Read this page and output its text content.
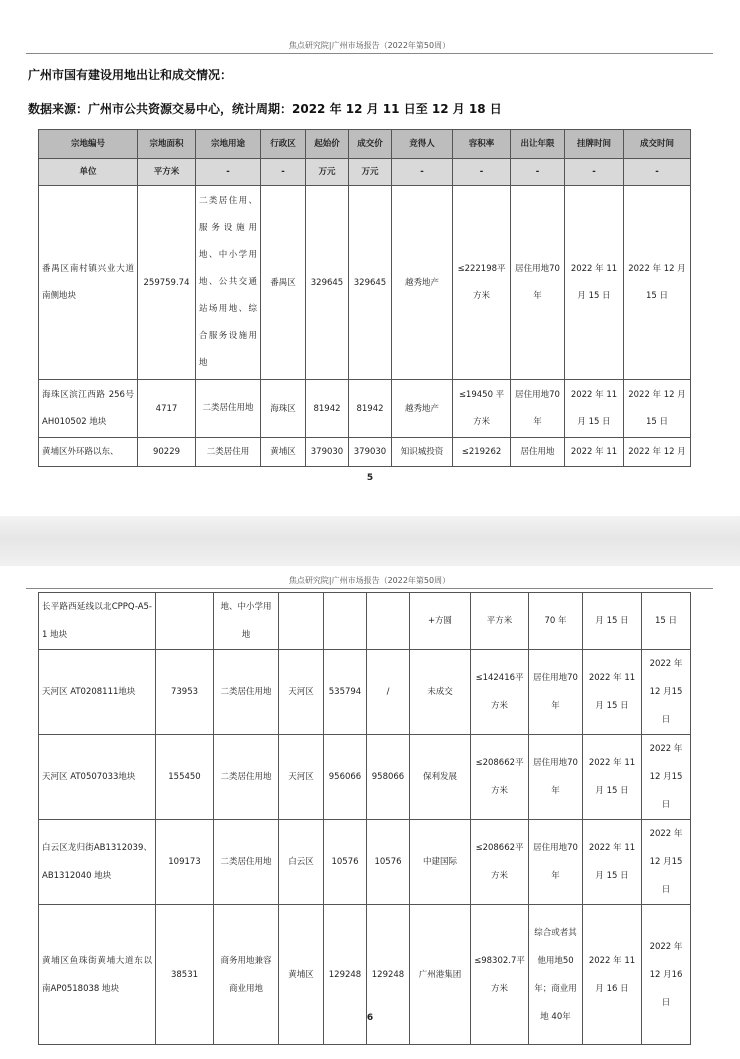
焦点研究院|广州市场报告（2022年第50周）
广州市国有建设用地出让和成交情况：
数据来源：广州市公共资源交易中心，统计周期：2022 年 12 月 11 日至 12 月 18 日
宗地编号	宗地面积	宗地用途	行政区	起始价	成交价	竞得人	容积率	出让年限	挂牌时间	成交时间
单位	平方米	-	-	万元	万元	-	-	-	-	-
番禺区南村镇兴业大道南侧地块	259759.74	二类居住用、服务设施用地、中小学用地、公共交通站场用地、综合服务设施用地	番禺区	329645	329645	越秀地产	≤222198平方米	居住用地70年	2022 年 11月 15 日	2022 年 12 月15 日
海珠区滨江西路 256号 AH010502 地块	4717	二类居住用地	海珠区	81942	81942	越秀地产	≤19450 平方米	居住用地70 年	2022 年 11月 15 日	2022 年 12 月15 日
黄埔区外环路以东、	90229	二类居住用	黄埔区	379030	379030	知识城投资	≤219262	居住用地	2022 年 11	2022 年 12 月
5
焦点研究院|广州市场报告（2022年第50周）
长平路西延线以北CPPQ-A5-1 地块		地、中小学用地				+方圆	平方米	70 年	月 15 日	15 日
天河区 AT0208111地块	73953	二类居住用地	天河区	535794	/	未成交	≤142416平方米	居住用地70 年	2022 年 11月 15 日	2022 年 12 月15 日
天河区 AT0507033地块	155450	二类居住用地	天河区	956066	958066	保利发展	≤208662平方米	居住用地70 年	2022 年 11月 15 日	2022 年 12 月15 日
白云区龙归街AB1312039、AB1312040 地块	109173	二类居住用地	白云区	10576	10576	中建国际	≤208662平方米	居住用地70 年	2022 年 11月 15 日	2022 年 12 月15 日
黄埔区鱼珠街黄埔大道东以南AP0518038 地块	38531	商务用地兼容商业用地	黄埔区	129248	129248	广州港集团	≤98302.7平方米	综合或者其他用地50 年；商业用地 40年	2022 年 11月 16 日	2022 年 12 月16 日
6
